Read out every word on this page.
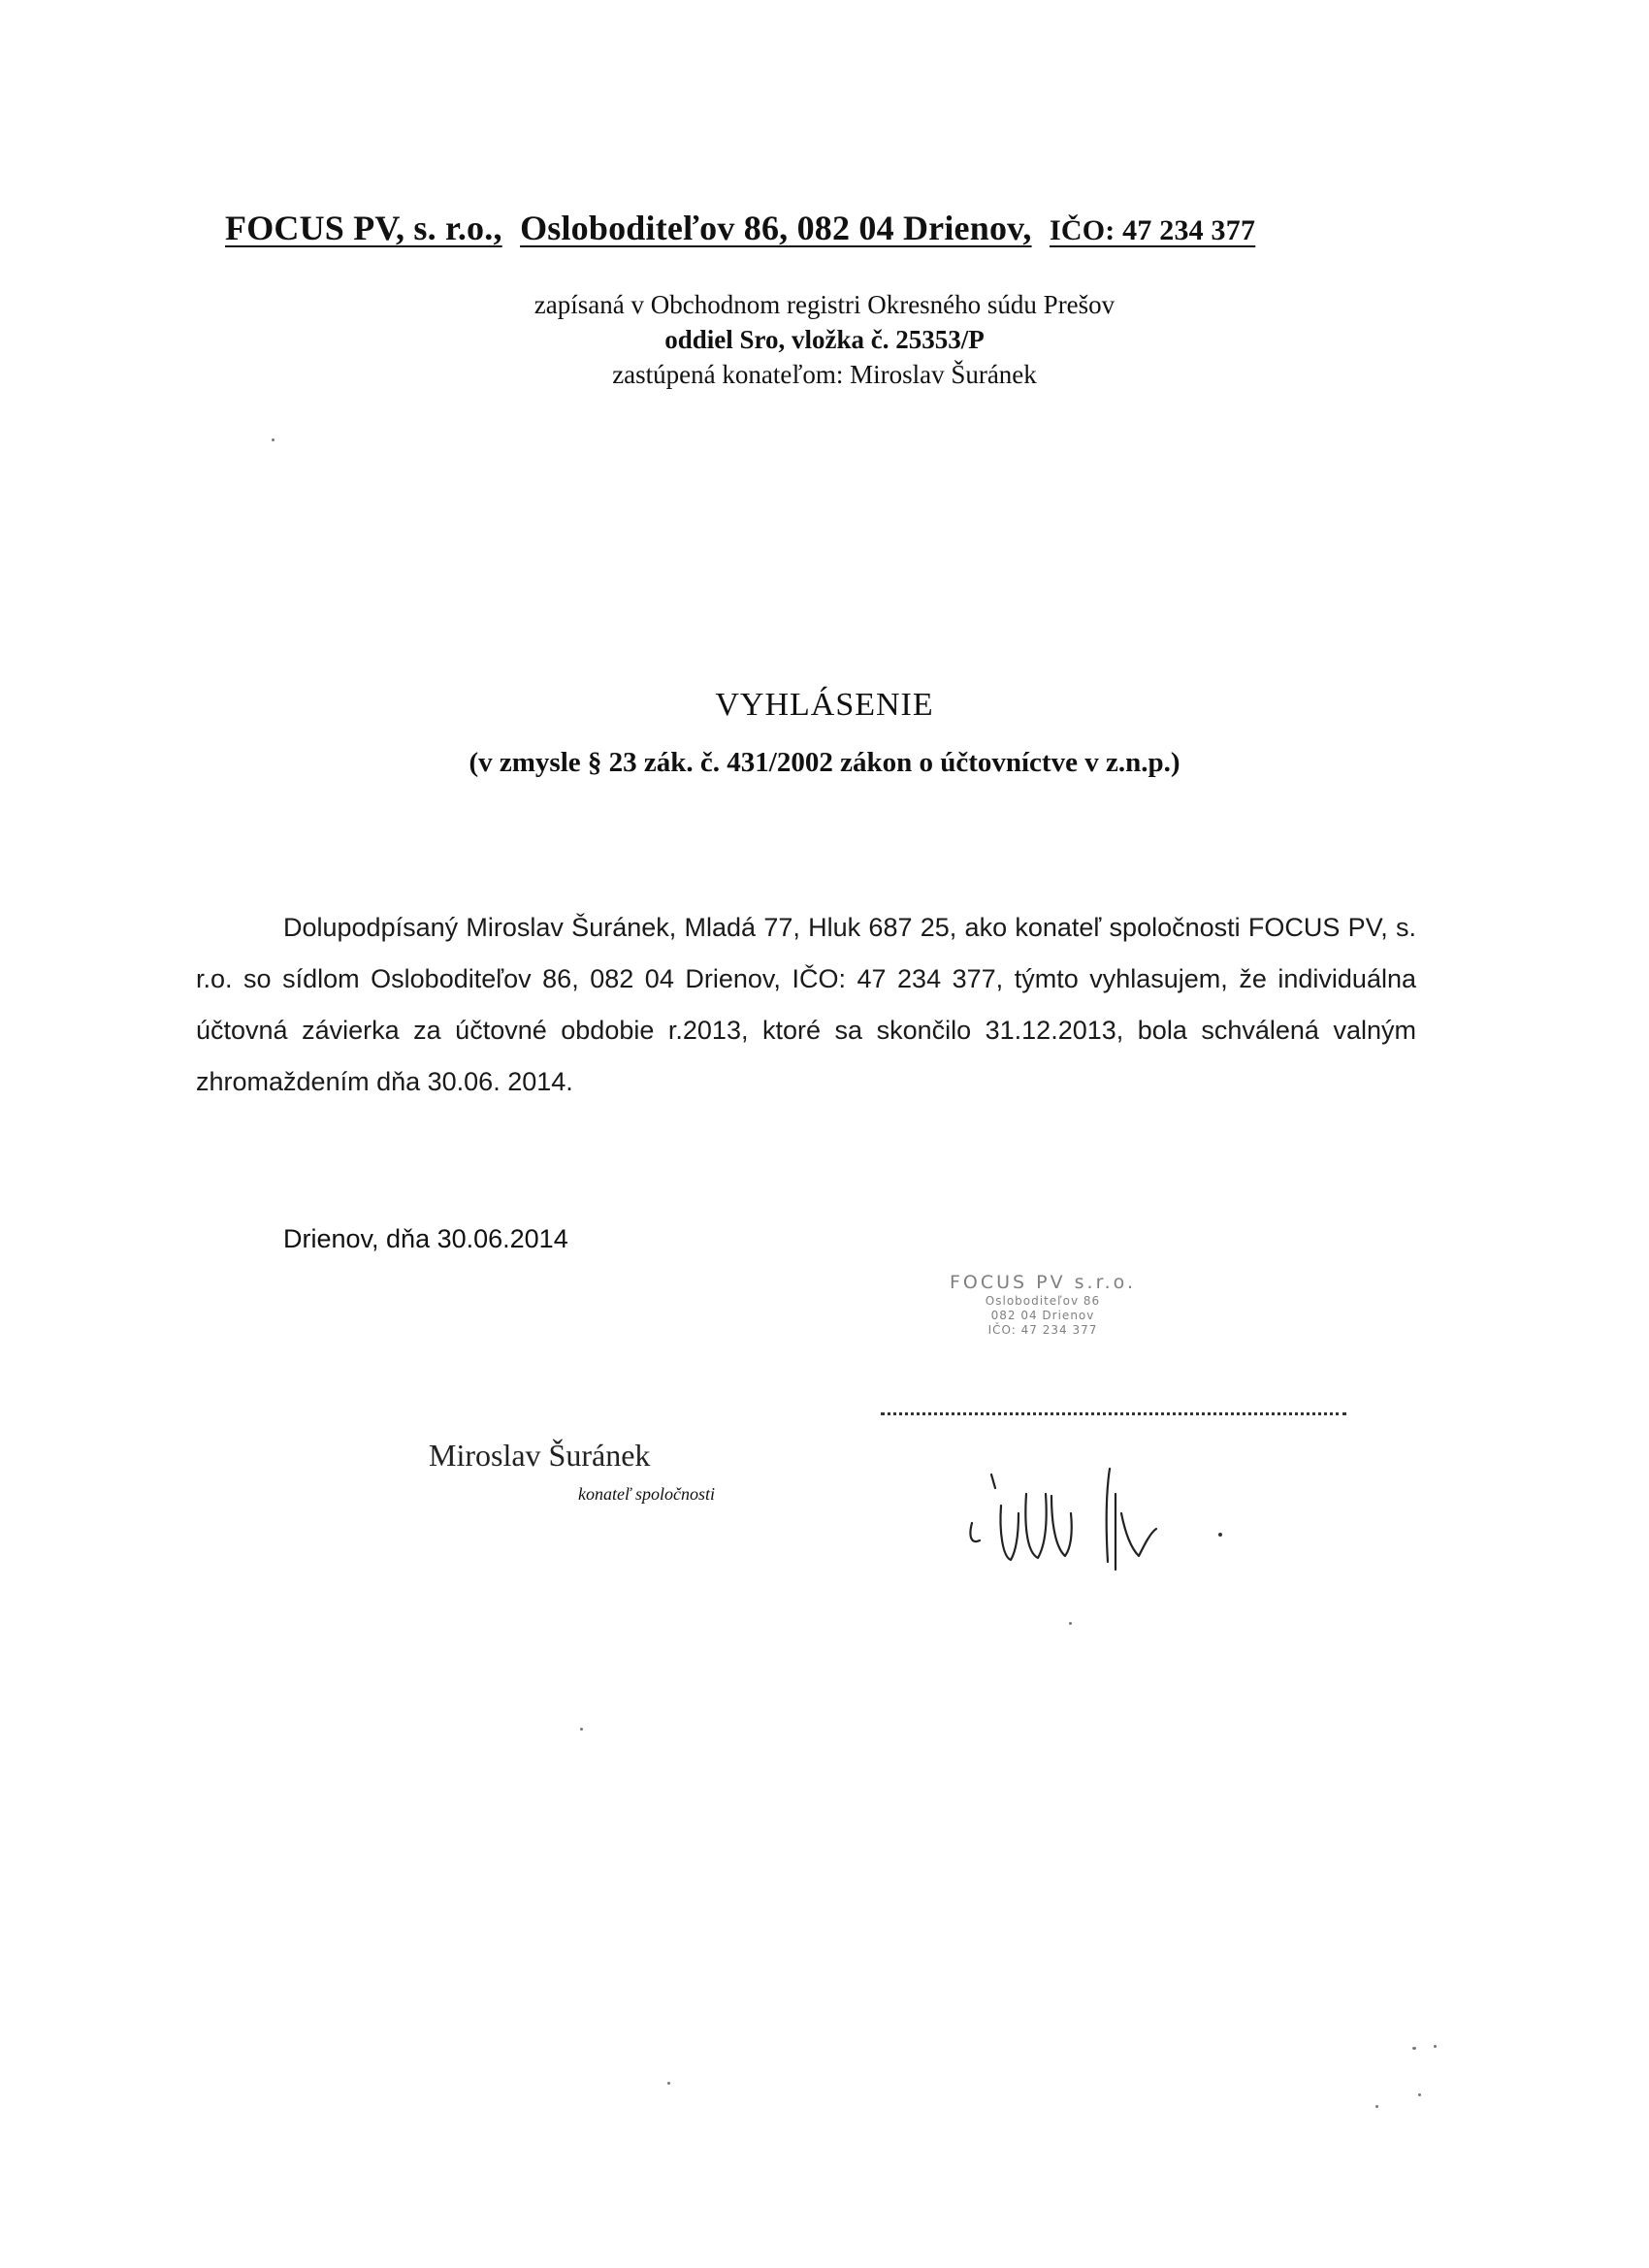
FOCUS PV, s. r.o., Osloboditeľov 86, 082 04 Drienov, IČO: 47 234 377
zapísaná v Obchodnom registri Okresného súdu Prešov
oddiel Sro, vložka č. 25353/P
zastúpená konateľom: Miroslav Šuránek
VYHLÁSENIE
(v zmysle § 23 zák. č. 431/2002 zákon o účtovníctve v z.n.p.)
Dolupodpísaný Miroslav Šuránek, Mladá 77, Hluk 687 25, ako konateľ spoločnosti FOCUS PV, s. r.o. so sídlom Osloboditeľov 86, 082 04 Drienov, IČO: 47 234 377, týmto vyhlasujem, že individuálna účtovná závierka za účtovné obdobie r.2013, ktoré sa skončilo 31.12.2013, bola schválená valným zhromaždením dňa 30.06. 2014.
Drienov, dňa 30.06.2014
FOCUS PV s.r.o.
Osloboditeľov 86
082 04 Drienov
IČO: 47 234 377
Miroslav Šuránek
konateľ spoločnosti
